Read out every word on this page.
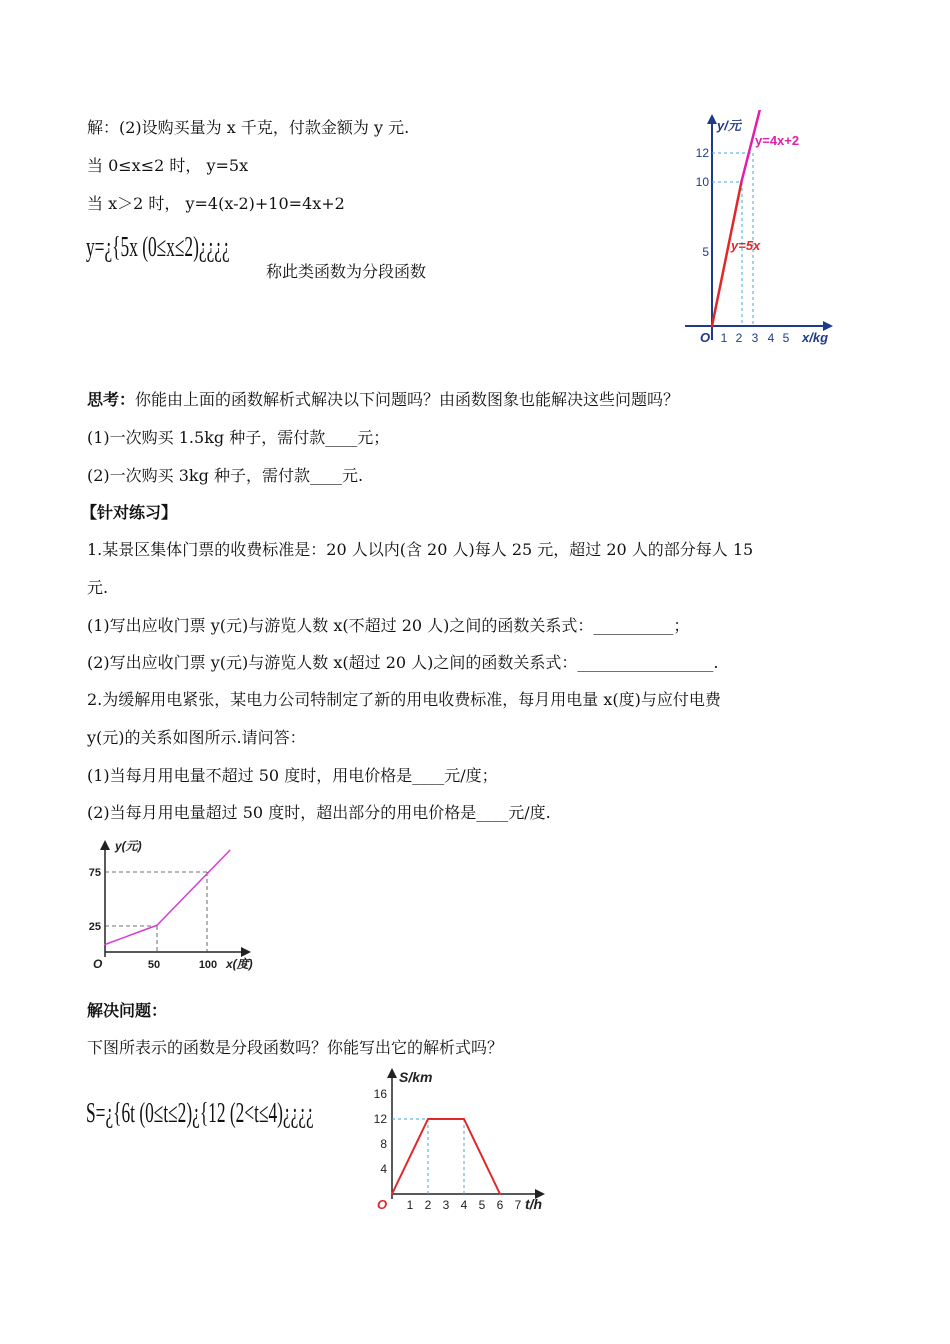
解：(2)设购买量为 x 千克，付款金额为 y 元.
当 0≤x≤2 时， y=5x
当 x＞2 时， y=4(x-2)+10=4x+2
y=¿{5x (0≤x≤2)¿¿¿¿
称此类函数为分段函数
y/元
y=4x+2
y=5x
5
10
12
O 1 2 3 4 5 x/kg
思考：你能由上面的函数解析式解决以下问题吗？由函数图象也能解决这些问题吗？
(1)一次购买 1.5kg 种子，需付款____元；
(2)一次购买 3kg 种子，需付款____元.
【针对练习】
1.某景区集体门票的收费标准是：20 人以内(含 20 人)每人 25 元，超过 20 人的部分每人 15
元.
(1)写出应收门票 y(元)与游览人数 x(不超过 20 人)之间的函数关系式：__________；
(2)写出应收门票 y(元)与游览人数 x(超过 20 人)之间的函数关系式：_________________.
2.为缓解用电紧张，某电力公司特制定了新的用电收费标准，每月用电量 x(度)与应付电费
y(元)的关系如图所示.请问答：
(1)当每月用电量不超过 50 度时，用电价格是____元/度；
(2)当每月用电量超过 50 度时，超出部分的用电价格是____元/度.
y(元)
75
25
O	50	100 x(度)
解决问题：
下图所表示的函数是分段函数吗？你能写出它的解析式吗？
S=¿{6t (0≤t≤2)¿{12 (2<t≤4)¿¿¿¿
S/km
16
12
8
4
O 1 2 3 4 5 6 7 t/h
